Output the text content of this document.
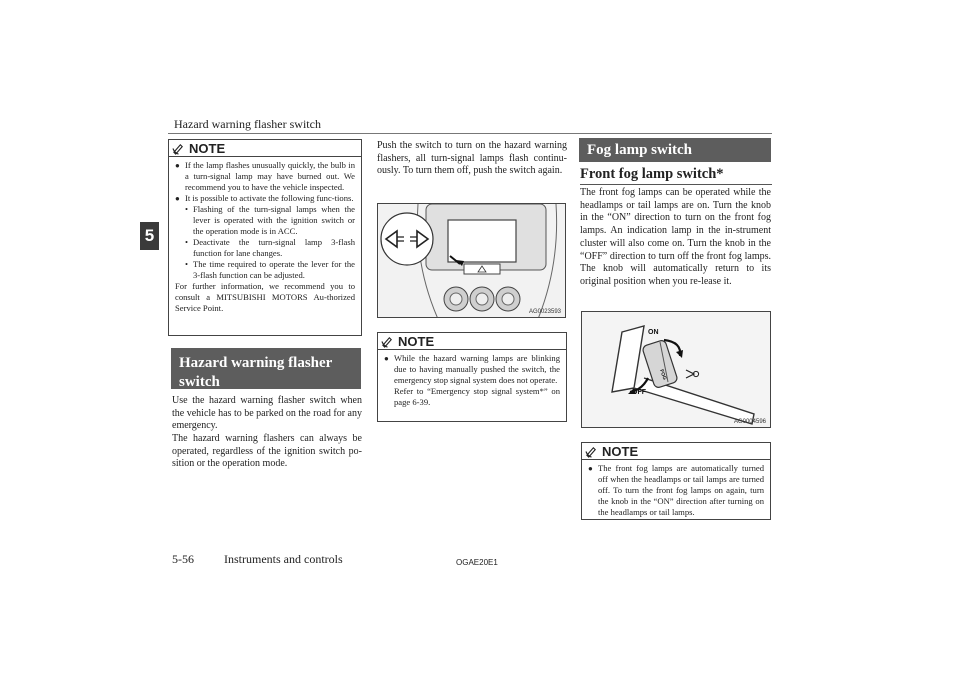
Hazard warning flasher switch
5
NOTE
● If the lamp flashes unusually quickly, the bulb in a turn-signal lamp may have burned out. We recommend you to have the vehicle inspected.
● It is possible to activate the following func-tions.
• Flashing of the turn-signal lamps when the lever is operated with the ignition switch or the operation mode is in ACC.
• Deactivate the turn-signal lamp 3-flash function for lane changes.
• The time required to operate the lever for the 3-flash function can be adjusted.
For further information, we recommend you to consult a MITSUBISHI MOTORS Au-thorized Service Point.
Hazard warning flasher switch
Use the hazard warning flasher switch when the vehicle has to be parked on the road for any emergency.
The hazard warning flashers can always be operated, regardless of the ignition switch po-sition or the operation mode.
Push the switch to turn on the hazard warning flashers, all turn-signal lamps flash continu-ously. To turn them off, push the switch again.
AG0023593
NOTE
● While the hazard warning lamps are blinking due to having manually pushed the switch, the emergency stop signal system does not operate.
Refer to “Emergency stop signal system*” on page 6-39.
Fog lamp switch
Front fog lamp switch*
The front fog lamps can be operated while the headlamps or tail lamps are on. Turn the knob in the “ON” direction to turn on the front fog lamps. An indication lamp in the in-strument cluster will also come on. Turn the knob in the “OFF” direction to turn off the front fog lamps. The knob will automatically return to its original position when you re-lease it.
ON
OFF
FOG
AG0004596
NOTE
● The front fog lamps are automatically turned off when the headlamps or tail lamps are turned off. To turn the front fog lamps on again, turn the knob in the “ON” direction after turning on the headlamps or tail lamps.
5-56	Instruments and controls	OGAE20E1
